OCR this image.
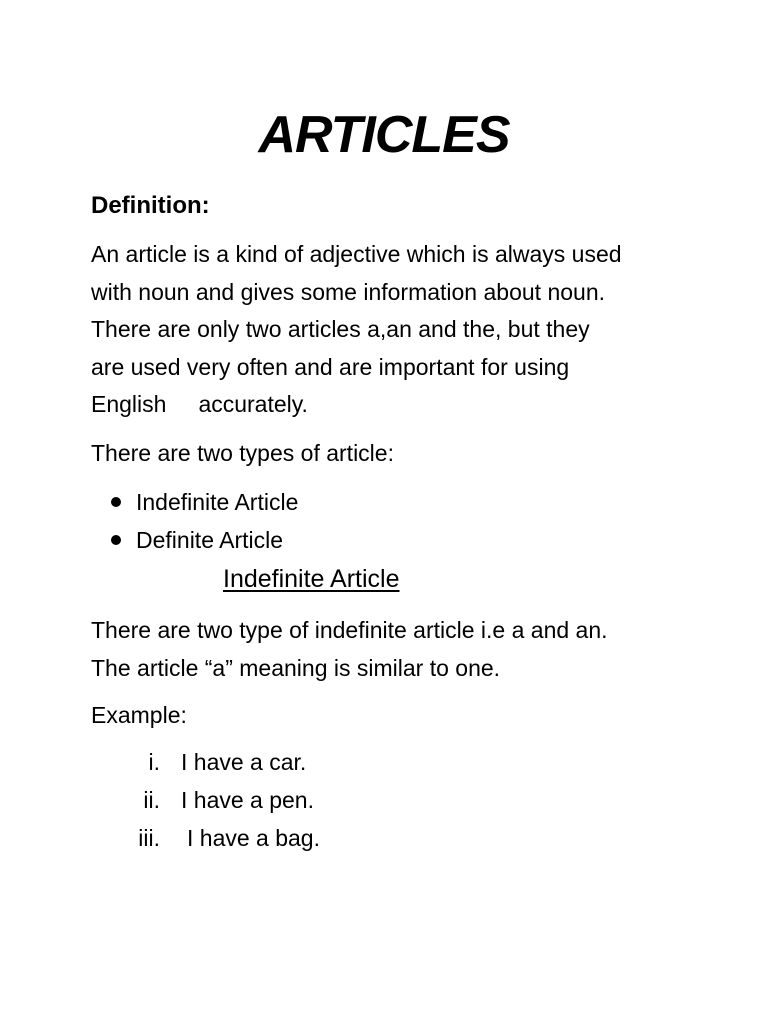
ARTICLES
Definition:
An article is a kind of adjective which is always used
with noun and gives some information about noun.
There are only two articles a,an and the, but they
are used very often and are important for using
English accurately.
There are two types of article:
Indefinite Article
Definite Article
Indefinite Article
There are two type of indefinite article i.e a and an.
The article “a” meaning is similar to one.
Example:
i. I have a car.
ii. I have a pen.
iii.	I have a bag.
